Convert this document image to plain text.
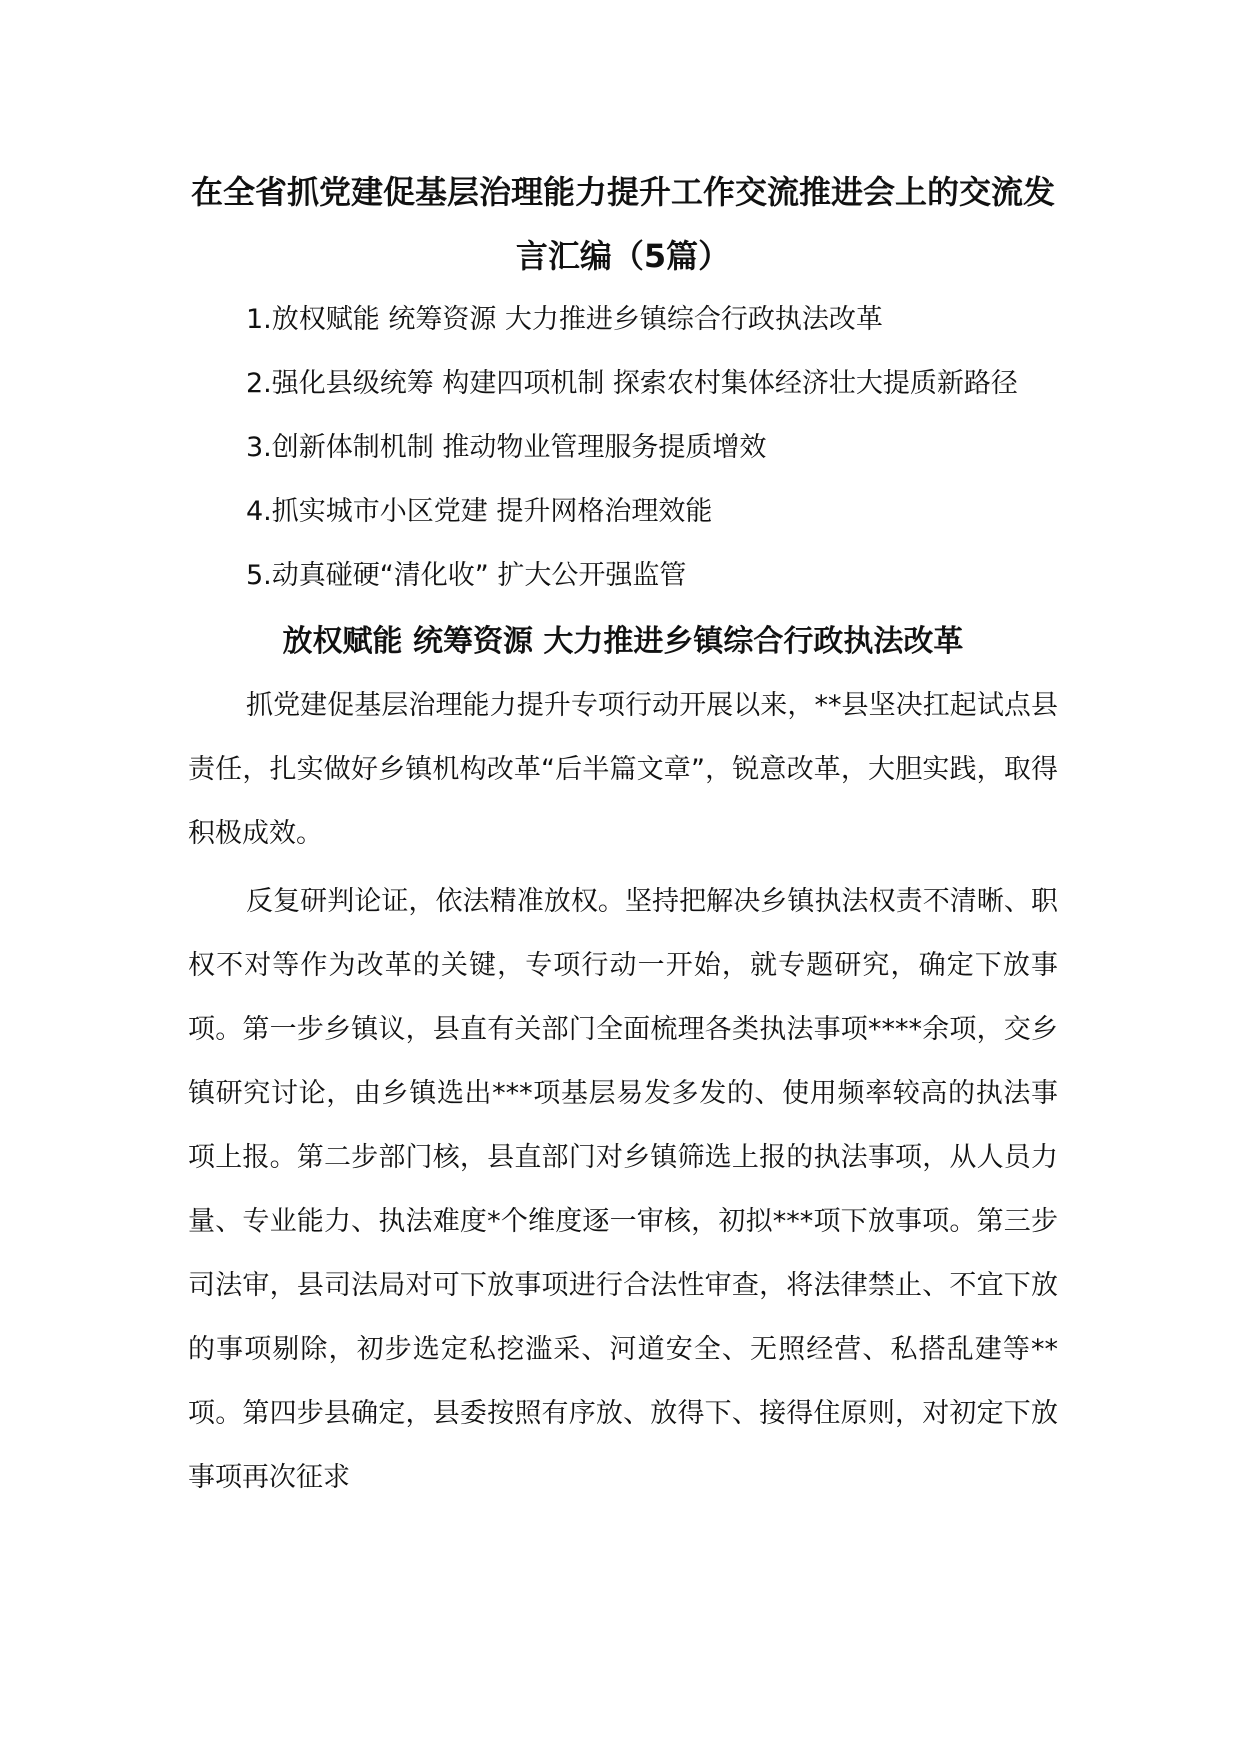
在全省抓党建促基层治理能力提升工作交流推进会上的交流发言汇编（5篇）
1.放权赋能 统筹资源 大力推进乡镇综合行政执法改革
2.强化县级统筹 构建四项机制 探索农村集体经济壮大提质新路径
3.创新体制机制 推动物业管理服务提质增效
4.抓实城市小区党建 提升网格治理效能
5.动真碰硬“清化收” 扩大公开强监管
放权赋能 统筹资源 大力推进乡镇综合行政执法改革

抓党建促基层治理能力提升专项行动开展以来，**县坚决扛起试点县责任，扎实做好乡镇机构改革“后半篇文章”，锐意改革，大胆实践，取得积极成效。

反复研判论证，依法精准放权。坚持把解决乡镇执法权责不清晰、职权不对等作为改革的关键，专项行动一开始，就专题研究，确定下放事项。第一步乡镇议，县直有关部门全面梳理各类执法事项****余项，交乡镇研究讨论，由乡镇选出***项基层易发多发的、使用频率较高的执法事项上报。第二步部门核，县直部门对乡镇筛选上报的执法事项，从人员力量、专业能力、执法难度*个维度逐一审核，初拟***项下放事项。第三步司法审，县司法局对可下放事项进行合法性审查，将法律禁止、不宜下放的事项剔除，初步选定私挖滥采、河道安全、无照经营、私搭乱建等**项。第四步县确定，县委按照有序放、放得下、接得住原则，对初定下放事项再次征求
